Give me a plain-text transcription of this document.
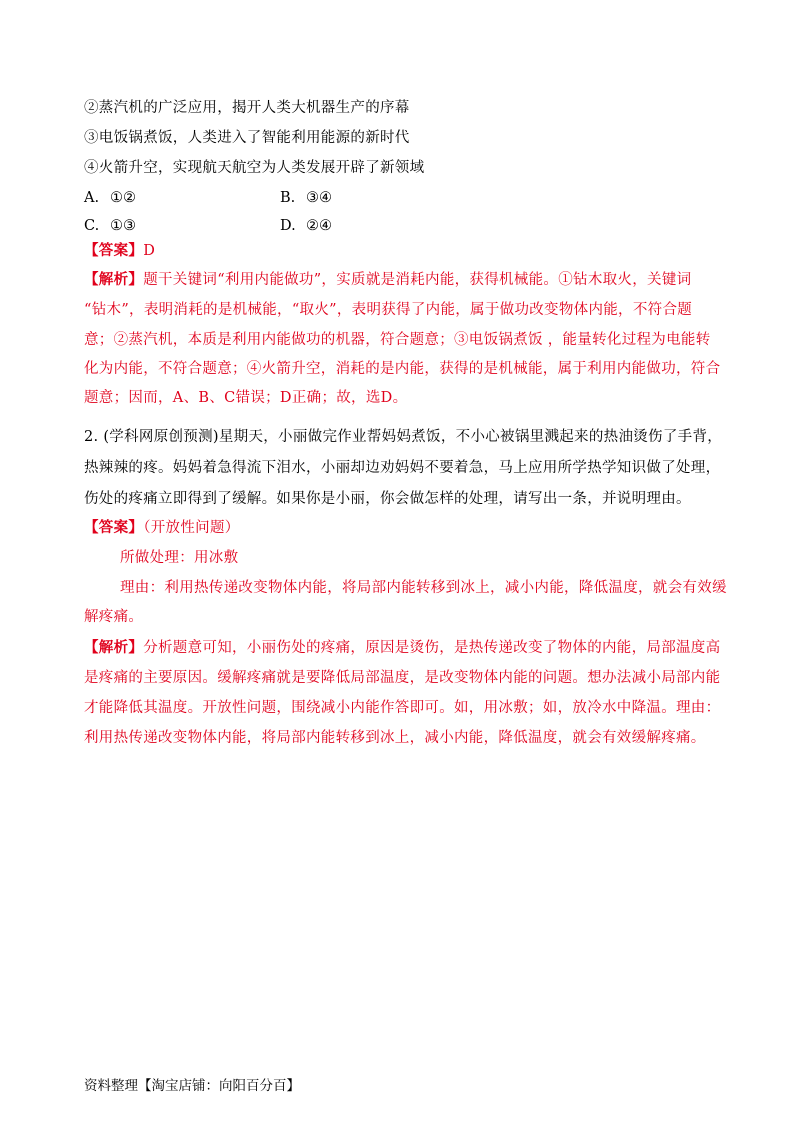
②蒸汽机的广泛应用，揭开人类大机器生产的序幕
③电饭锅煮饭，人类进入了智能利用能源的新时代
④火箭升空，实现航天航空为人类发展开辟了新领域
A. ①②	B. ③④
C. ①③	D. ②④
【答案】D
【解析】题干关键词“利用内能做功”，实质就是消耗内能，获得机械能。①钻木取火，关键词
“钻木”，表明消耗的是机械能，“取火”，表明获得了内能，属于做功改变物体内能，不符合题
意；②蒸汽机，本质是利用内能做功的机器，符合题意；③电饭锅煮饭 ，能量转化过程为电能转
化为内能，不符合题意；④火箭升空，消耗的是内能，获得的是机械能，属于利用内能做功，符合
题意；因而，A、B、C错误；D正确；故，选D。
2. (学科网原创预测)星期天，小丽做完作业帮妈妈煮饭，不小心被锅里溅起来的热油烫伤了手背，
热辣辣的疼。妈妈着急得流下泪水，小丽却边劝妈妈不要着急，马上应用所学热学知识做了处理，
伤处的疼痛立即得到了缓解。如果你是小丽，你会做怎样的处理，请写出一条，并说明理由。
【答案】（开放性问题）
所做处理：用冰敷
理由：利用热传递改变物体内能，将局部内能转移到冰上，减小内能，降低温度，就会有效缓
解疼痛。
【解析】分析题意可知，小丽伤处的疼痛，原因是烫伤，是热传递改变了物体的内能，局部温度高
是疼痛的主要原因。缓解疼痛就是要降低局部温度，是改变物体内能的问题。想办法减小局部内能
才能降低其温度。开放性问题，围绕减小内能作答即可。如，用冰敷；如，放冷水中降温。理由：
利用热传递改变物体内能，将局部内能转移到冰上，减小内能，降低温度，就会有效缓解疼痛。
资料整理【淘宝店铺：向阳百分百】
